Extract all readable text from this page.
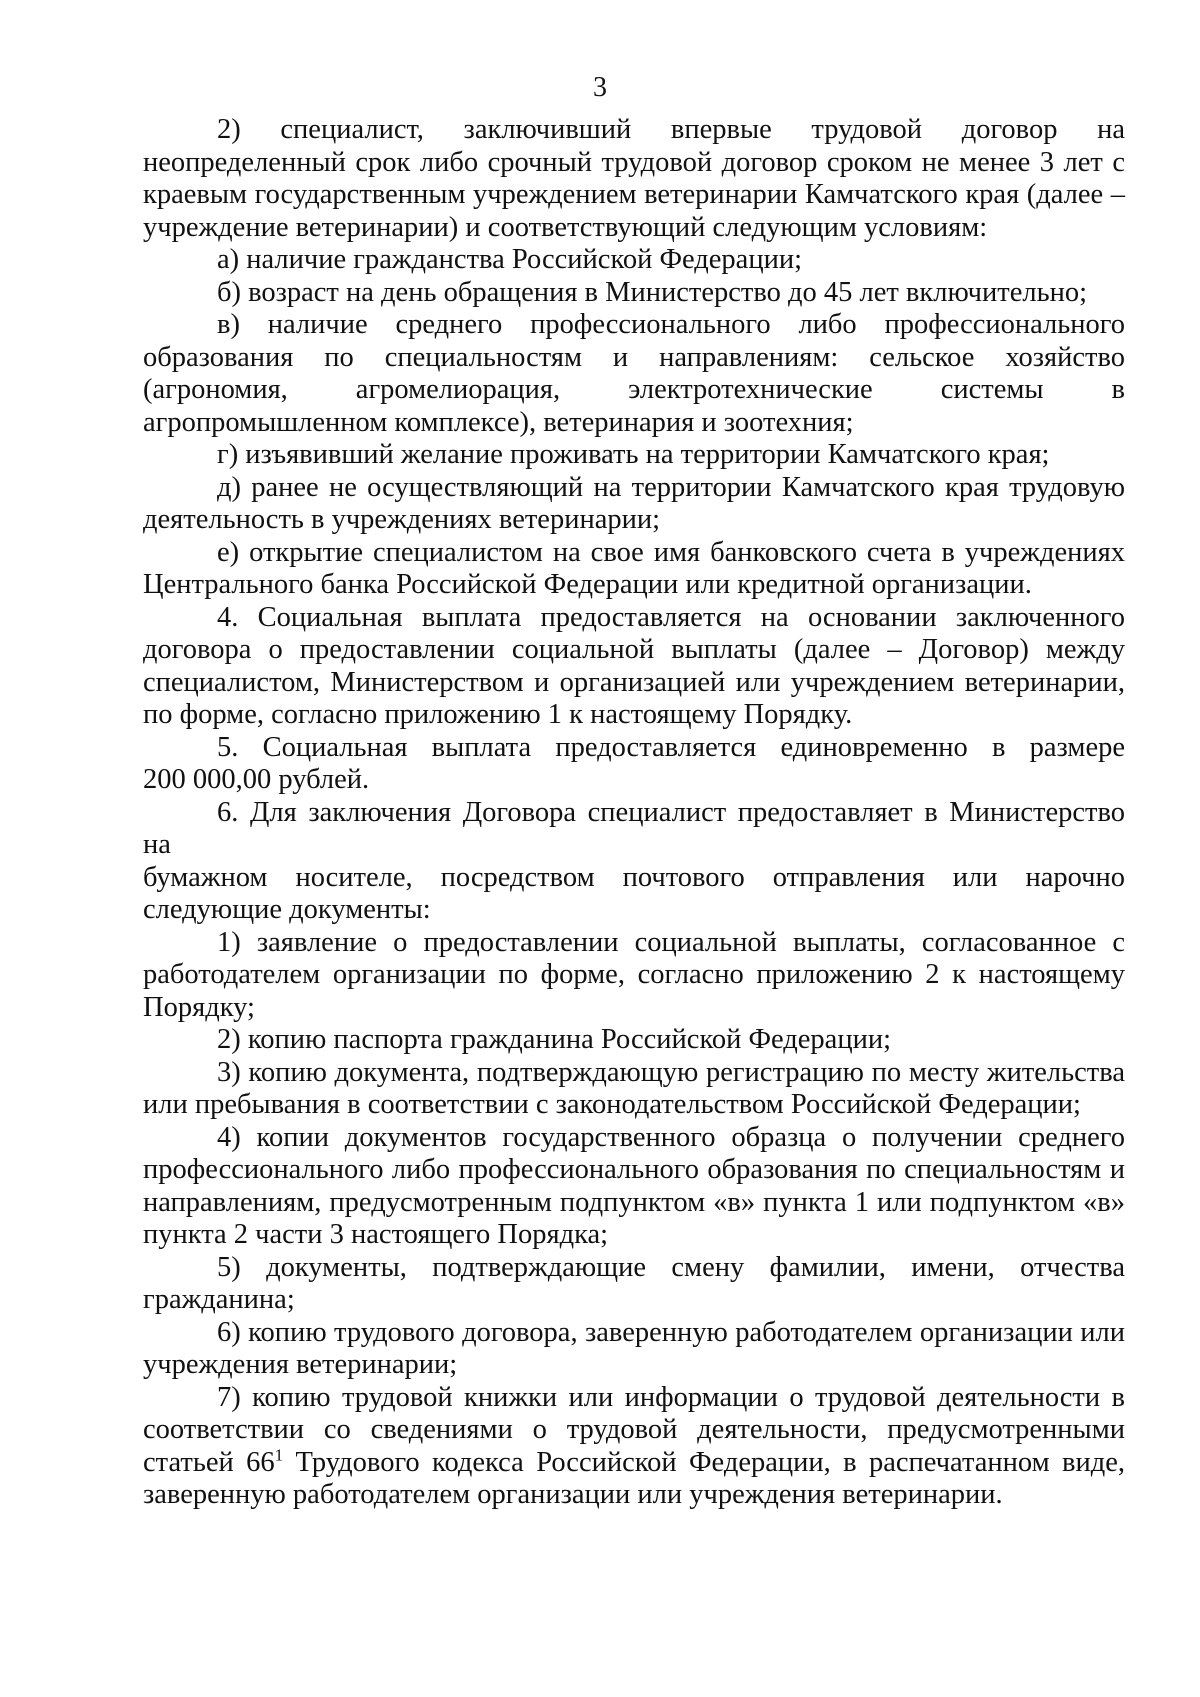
3
2) специалист, заключивший впервые трудовой договор на
неопределенный срок либо срочный трудовой договор сроком не менее 3 лет с
краевым государственным учреждением ветеринарии Камчатского края (далее –
учреждение ветеринарии) и соответствующий следующим условиям:
а) наличие гражданства Российской Федерации;
б) возраст на день обращения в Министерство до 45 лет включительно;
в) наличие среднего профессионального либо профессионального
образования по специальностям и направлениям: сельское хозяйство
(агрономия, агромелиорация, электротехнические системы в
агропромышленном комплексе), ветеринария и зоотехния;
г) изъявивший желание проживать на территории Камчатского края;
д) ранее не осуществляющий на территории Камчатского края трудовую
деятельность в учреждениях ветеринарии;
е) открытие специалистом на свое имя банковского счета в учреждениях
Центрального банка Российской Федерации или кредитной организации.
4. Социальная выплата предоставляется на основании заключенного
договора о предоставлении социальной выплаты (далее – Договор) между
специалистом, Министерством и организацией или учреждением ветеринарии,
по форме, согласно приложению 1 к настоящему Порядку.
5. Социальная выплата предоставляется единовременно в размере
200 000,00 рублей.
6. Для заключения Договора специалист предоставляет в Министерство на
бумажном носителе, посредством почтового отправления или нарочно
следующие документы:
1) заявление о предоставлении социальной выплаты, согласованное с
работодателем организации по форме, согласно приложению 2 к настоящему
Порядку;
2) копию паспорта гражданина Российской Федерации;
3) копию документа, подтверждающую регистрацию по месту жительства
или пребывания в соответствии с законодательством Российской Федерации;
4) копии документов государственного образца о получении среднего
профессионального либо профессионального образования по специальностям и
направлениям, предусмотренным подпунктом «в» пункта 1 или подпунктом «в»
пункта 2 части 3 настоящего Порядка;
5) документы, подтверждающие смену фамилии, имени, отчества
гражданина;
6) копию трудового договора, заверенную работодателем организации или
учреждения ветеринарии;
7) копию трудовой книжки или информации о трудовой деятельности в
соответствии со сведениями о трудовой деятельности, предусмотренными
статьей $66^1$ Трудового кодекса Российской Федерации, в распечатанном виде,
заверенную работодателем организации или учреждения ветеринарии.
